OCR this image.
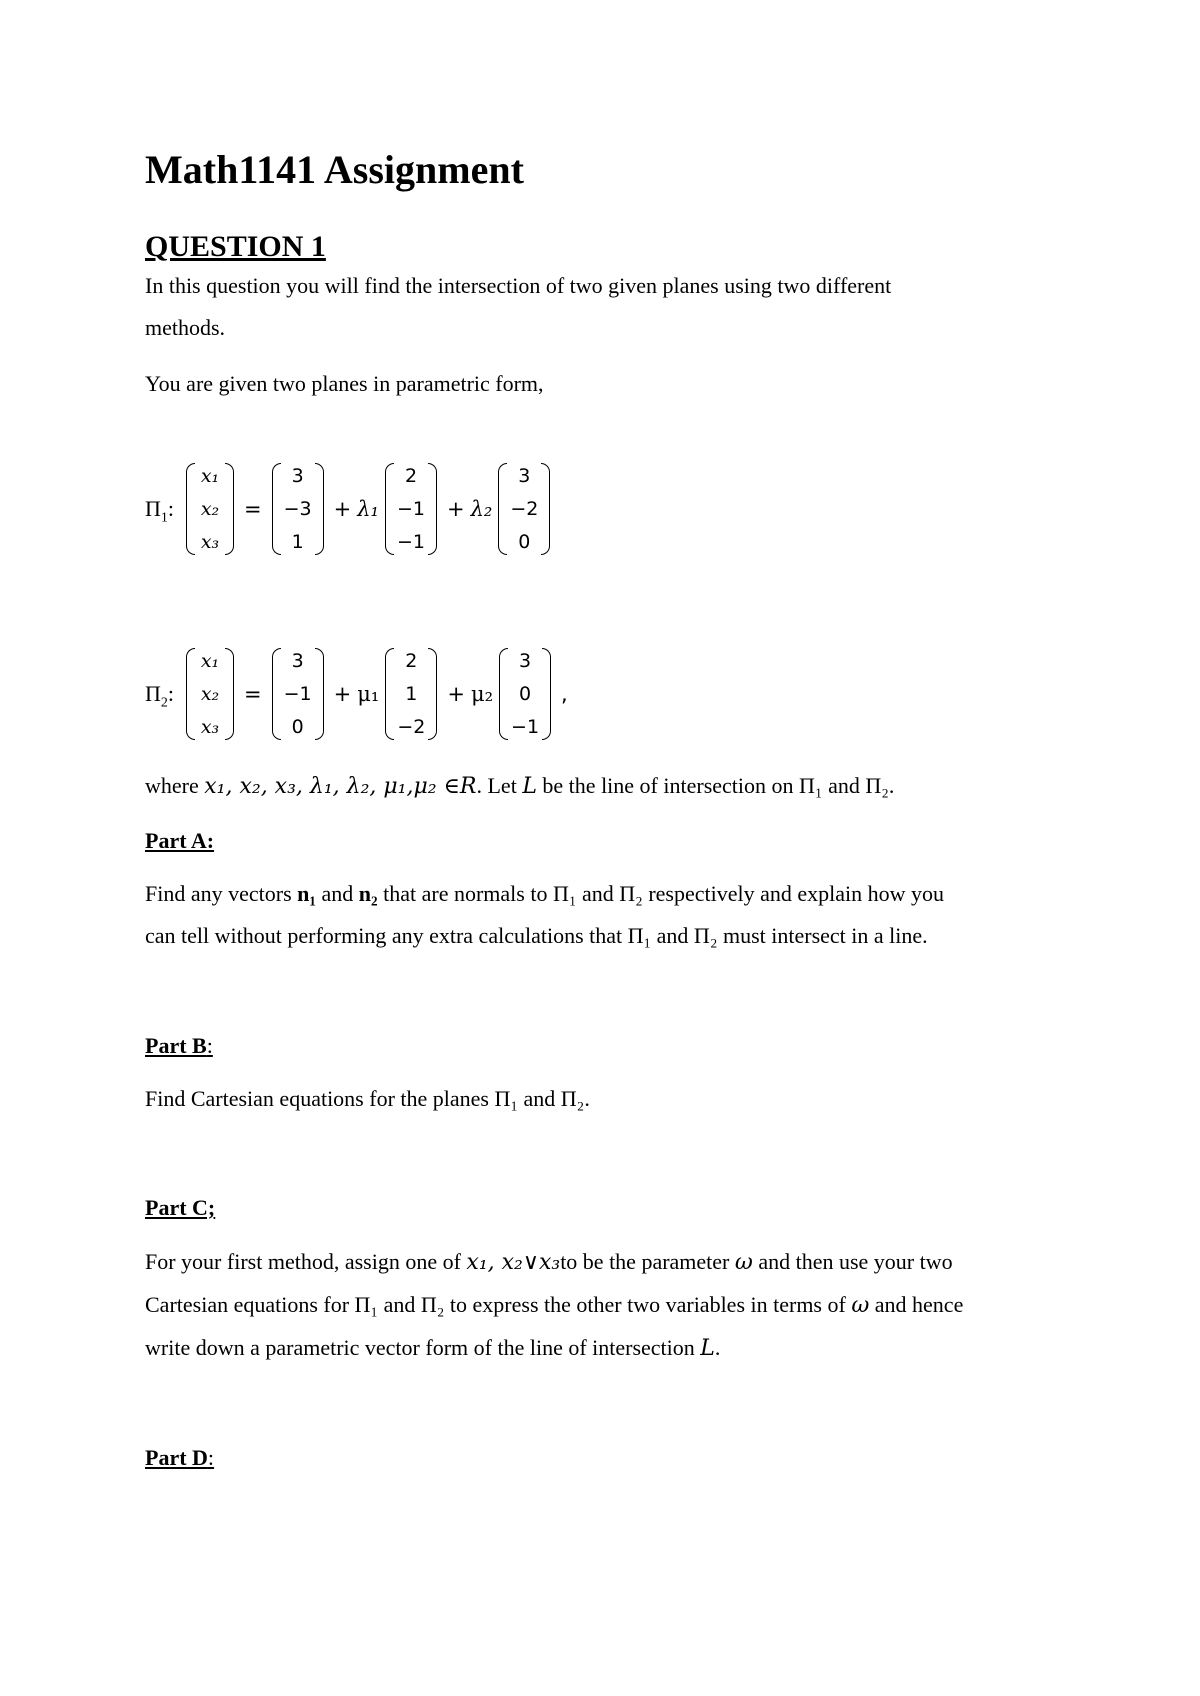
Math1141 Assignment
QUESTION 1
In this question you will find the intersection of two given planes using two different
methods.
You are given two planes in parametric form,
$\Pi_1$:
x₁
x₂
x₃
=
3
−3
1
+ λ₁
2
−1
−1
+ λ₂
3
−2
0
$\Pi_2$:
x₁
x₂
x₃
=
3
−1
0
+ μ₁
2
1
−2
+ μ₂
3
0
−1
,
where x₁, x₂, x₃, λ₁, λ₂, μ₁,μ₂ ∈R. Let L be the line of intersection on Π₁ and Π₂.
Part A:
Find any vectors n₁ and n₂ that are normals to Π₁ and Π₂ respectively and explain how you
can tell without performing any extra calculations that Π₁ and Π₂ must intersect in a line.
Part B:
Find Cartesian equations for the planes Π₁ and Π₂.
Part C;
For your first method, assign one of x₁, x₂∨x₃to be the parameter ω and then use your two
Cartesian equations for Π₁ and Π₂ to express the other two variables in terms of ω and hence
write down a parametric vector form of the line of intersection L.
Part D:
